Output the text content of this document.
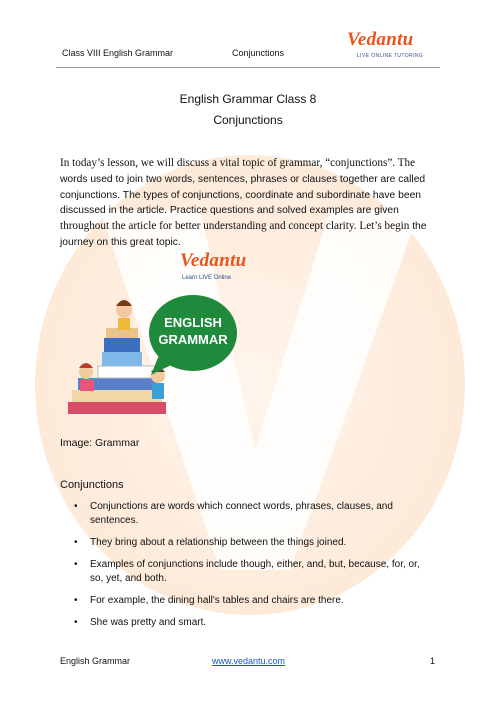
Class VIII English Grammar	Conjunctions
Vedantu
LIVE ONLINE TUTORING
English Grammar Class 8
Conjunctions
In today’s lesson, we will discuss a vital topic of grammar, “conjunctions”. The words used to join two words, sentences, phrases or clauses together are called conjunctions. The types of conjunctions, coordinate and subordinate have been discussed in the article. Practice questions and solved examples are given throughout the article for better understanding and concept clarity. Let’s begin the journey on this great topic.
Vedantu
Learn LIVE Online
ENGLISH
GRAMMAR
Image: Grammar
Conjunctions
• Conjunctions are words which connect words, phrases, clauses, and sentences.
• They bring about a relationship between the things joined.
• Examples of conjunctions include though, either, and, but, because, for, or, so, yet, and both.
• For example, the dining hall's tables and chairs are there.
• She was pretty and smart.
English Grammar	www.vedantu.com	1
